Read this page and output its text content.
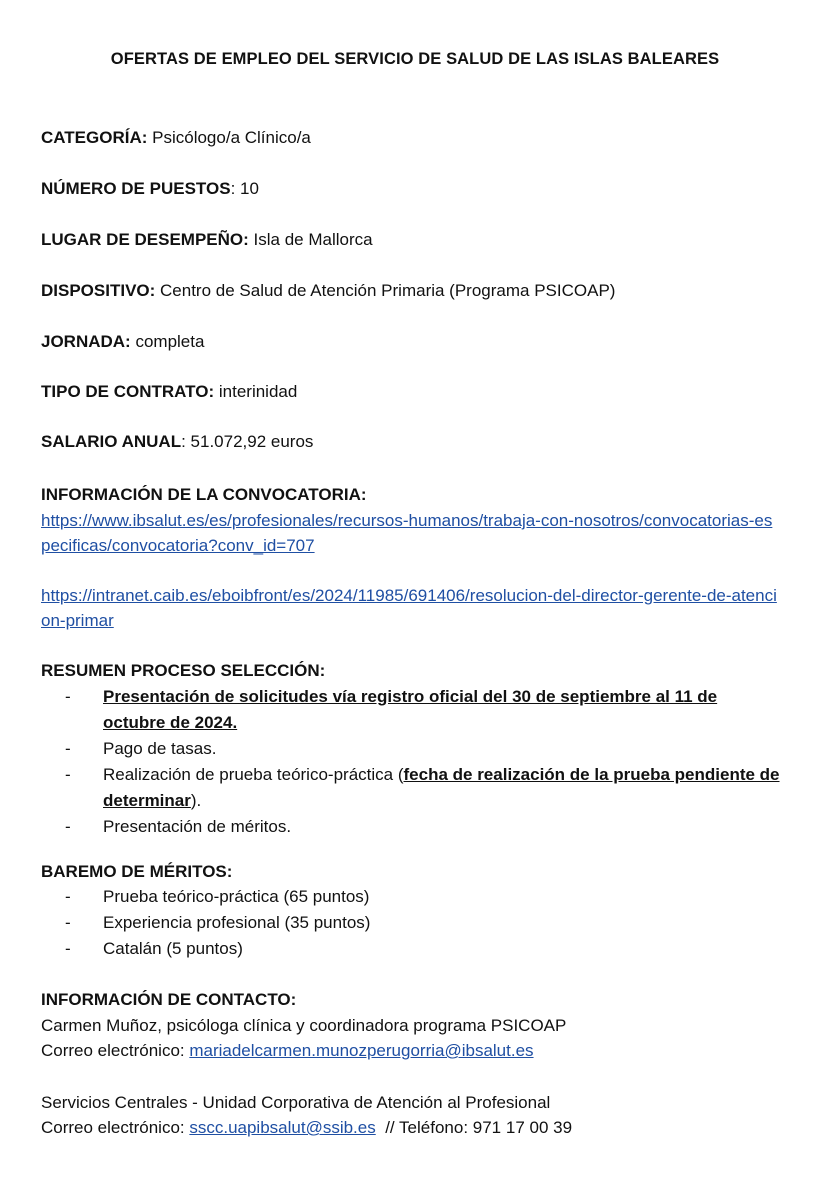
OFERTAS DE EMPLEO DEL SERVICIO DE SALUD DE LAS ISLAS BALEARES
CATEGORÍA: Psicólogo/a Clínico/a
NÚMERO DE PUESTOS: 10
LUGAR DE DESEMPEÑO: Isla de Mallorca
DISPOSITIVO: Centro de Salud de Atención Primaria (Programa PSICOAP)
JORNADA: completa
TIPO DE CONTRATO: interinidad
SALARIO ANUAL: 51.072,92 euros
INFORMACIÓN DE LA CONVOCATORIA:
https://www.ibsalut.es/es/profesionales/recursos-humanos/trabaja-con-nosotros/convocatorias-especificas/convocatoria?conv_id=707
https://intranet.caib.es/eboibfront/es/2024/11985/691406/resolucion-del-director-gerente-de-atencion-primar
RESUMEN PROCESO SELECCIÓN:
- Presentación de solicitudes vía registro oficial del 30 de septiembre al 11 de octubre de 2024.
- Pago de tasas.
- Realización de prueba teórico-práctica (fecha de realización de la prueba pendiente de determinar).
- Presentación de méritos.
BAREMO DE MÉRITOS:
- Prueba teórico-práctica (65 puntos)
- Experiencia profesional (35 puntos)
- Catalán (5 puntos)
INFORMACIÓN DE CONTACTO:
Carmen Muñoz, psicóloga clínica y coordinadora programa PSICOAP
Correo electrónico: mariadelcarmen.munozperugorria@ibsalut.es
Servicios Centrales - Unidad Corporativa de Atención al Profesional
Correo electrónico: sscc.uapibsalut@ssib.es  // Teléfono: 971 17 00 39
